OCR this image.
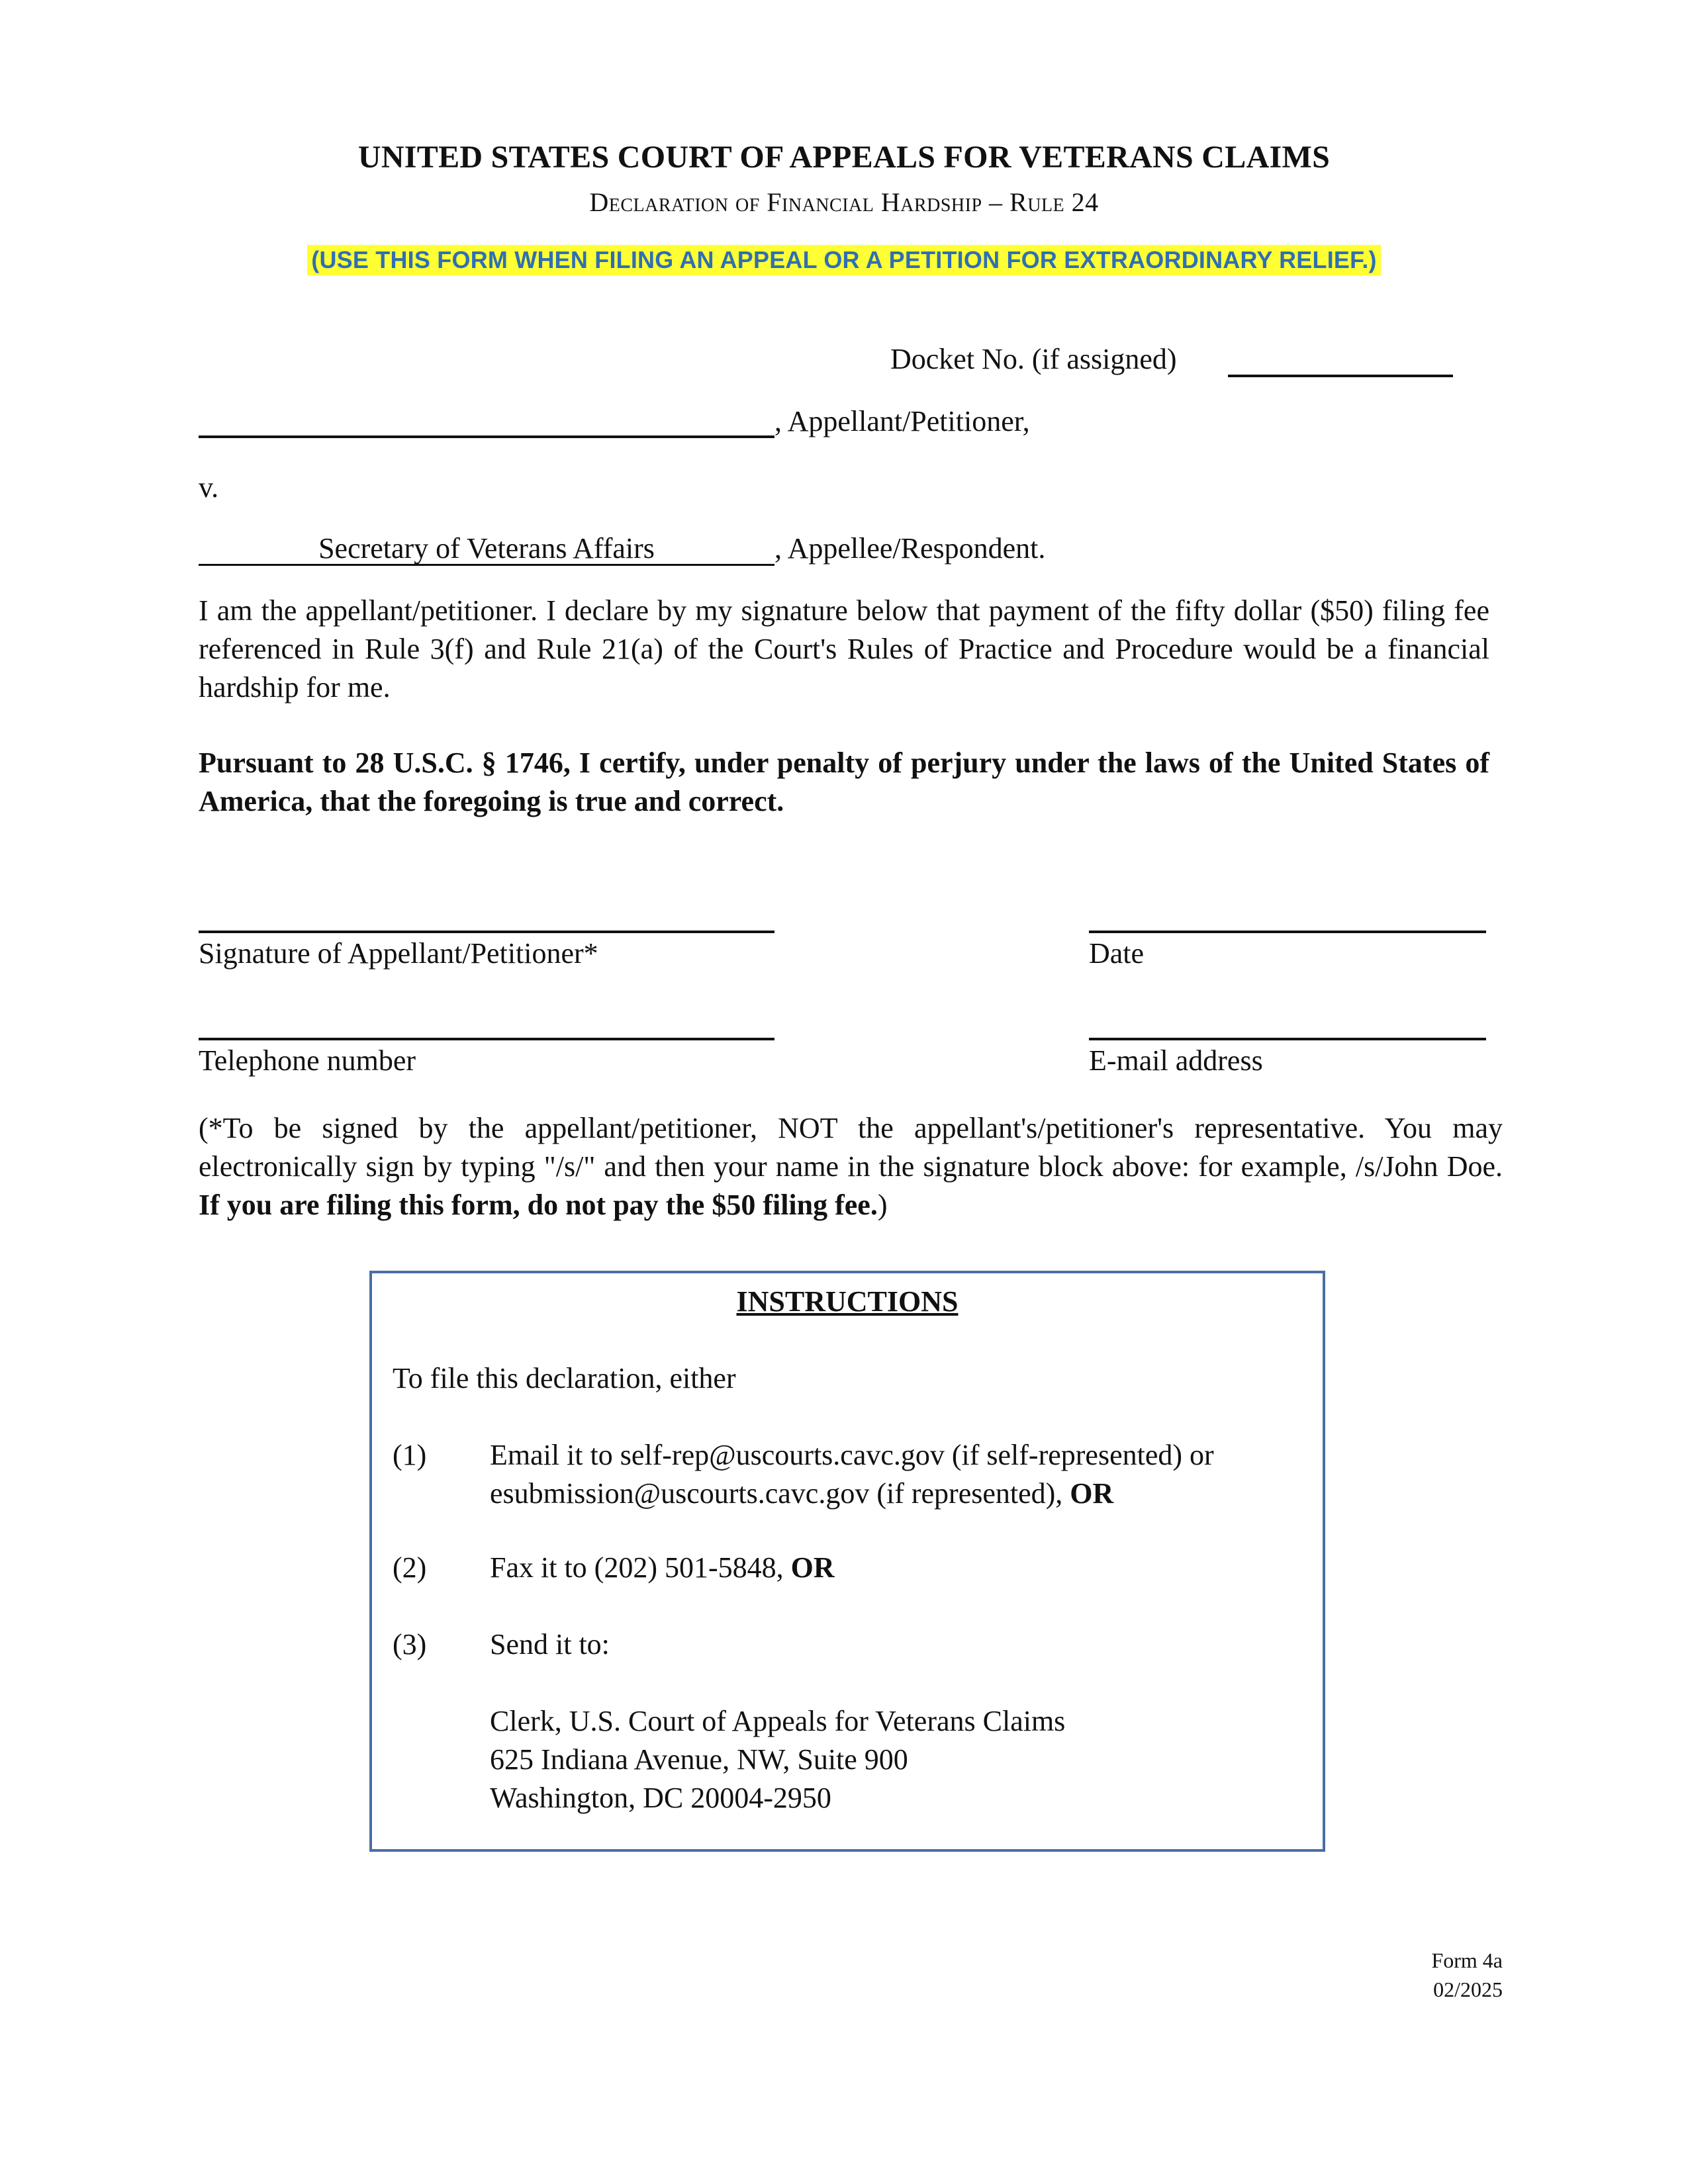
UNITED STATES COURT OF APPEALS FOR VETERANS CLAIMS
Declaration of Financial Hardship – Rule 24
(USE THIS FORM WHEN FILING AN APPEAL OR A PETITION FOR EXTRAORDINARY RELIEF.)
Docket No. (if assigned)
, Appellant/Petitioner,
v.
Secretary of Veterans Affairs	, Appellee/Respondent.
I am the appellant/petitioner. I declare by my signature below that payment of the fifty dollar ($50) filing fee referenced in Rule 3(f) and Rule 21(a) of the Court's Rules of Practice and Procedure would be a financial hardship for me.
Pursuant to 28 U.S.C. § 1746, I certify, under penalty of perjury under the laws of the United States of America, that the foregoing is true and correct.
Signature of Appellant/Petitioner*	Date
Telephone number	E-mail address
(*To be signed by the appellant/petitioner, NOT the appellant's/petitioner's representative. You may electronically sign by typing "/s/" and then your name in the signature block above: for example, /s/John Doe. If you are filing this form, do not pay the $50 filing fee.)
INSTRUCTIONS
To file this declaration, either
(1) Email it to self-rep@uscourts.cavc.gov (if self-represented) or
esubmission@uscourts.cavc.gov (if represented), OR
(2) Fax it to (202) 501-5848, OR
(3) Send it to:
Clerk, U.S. Court of Appeals for Veterans Claims
625 Indiana Avenue, NW, Suite 900
Washington, DC 20004-2950
Form 4a
02/2025
